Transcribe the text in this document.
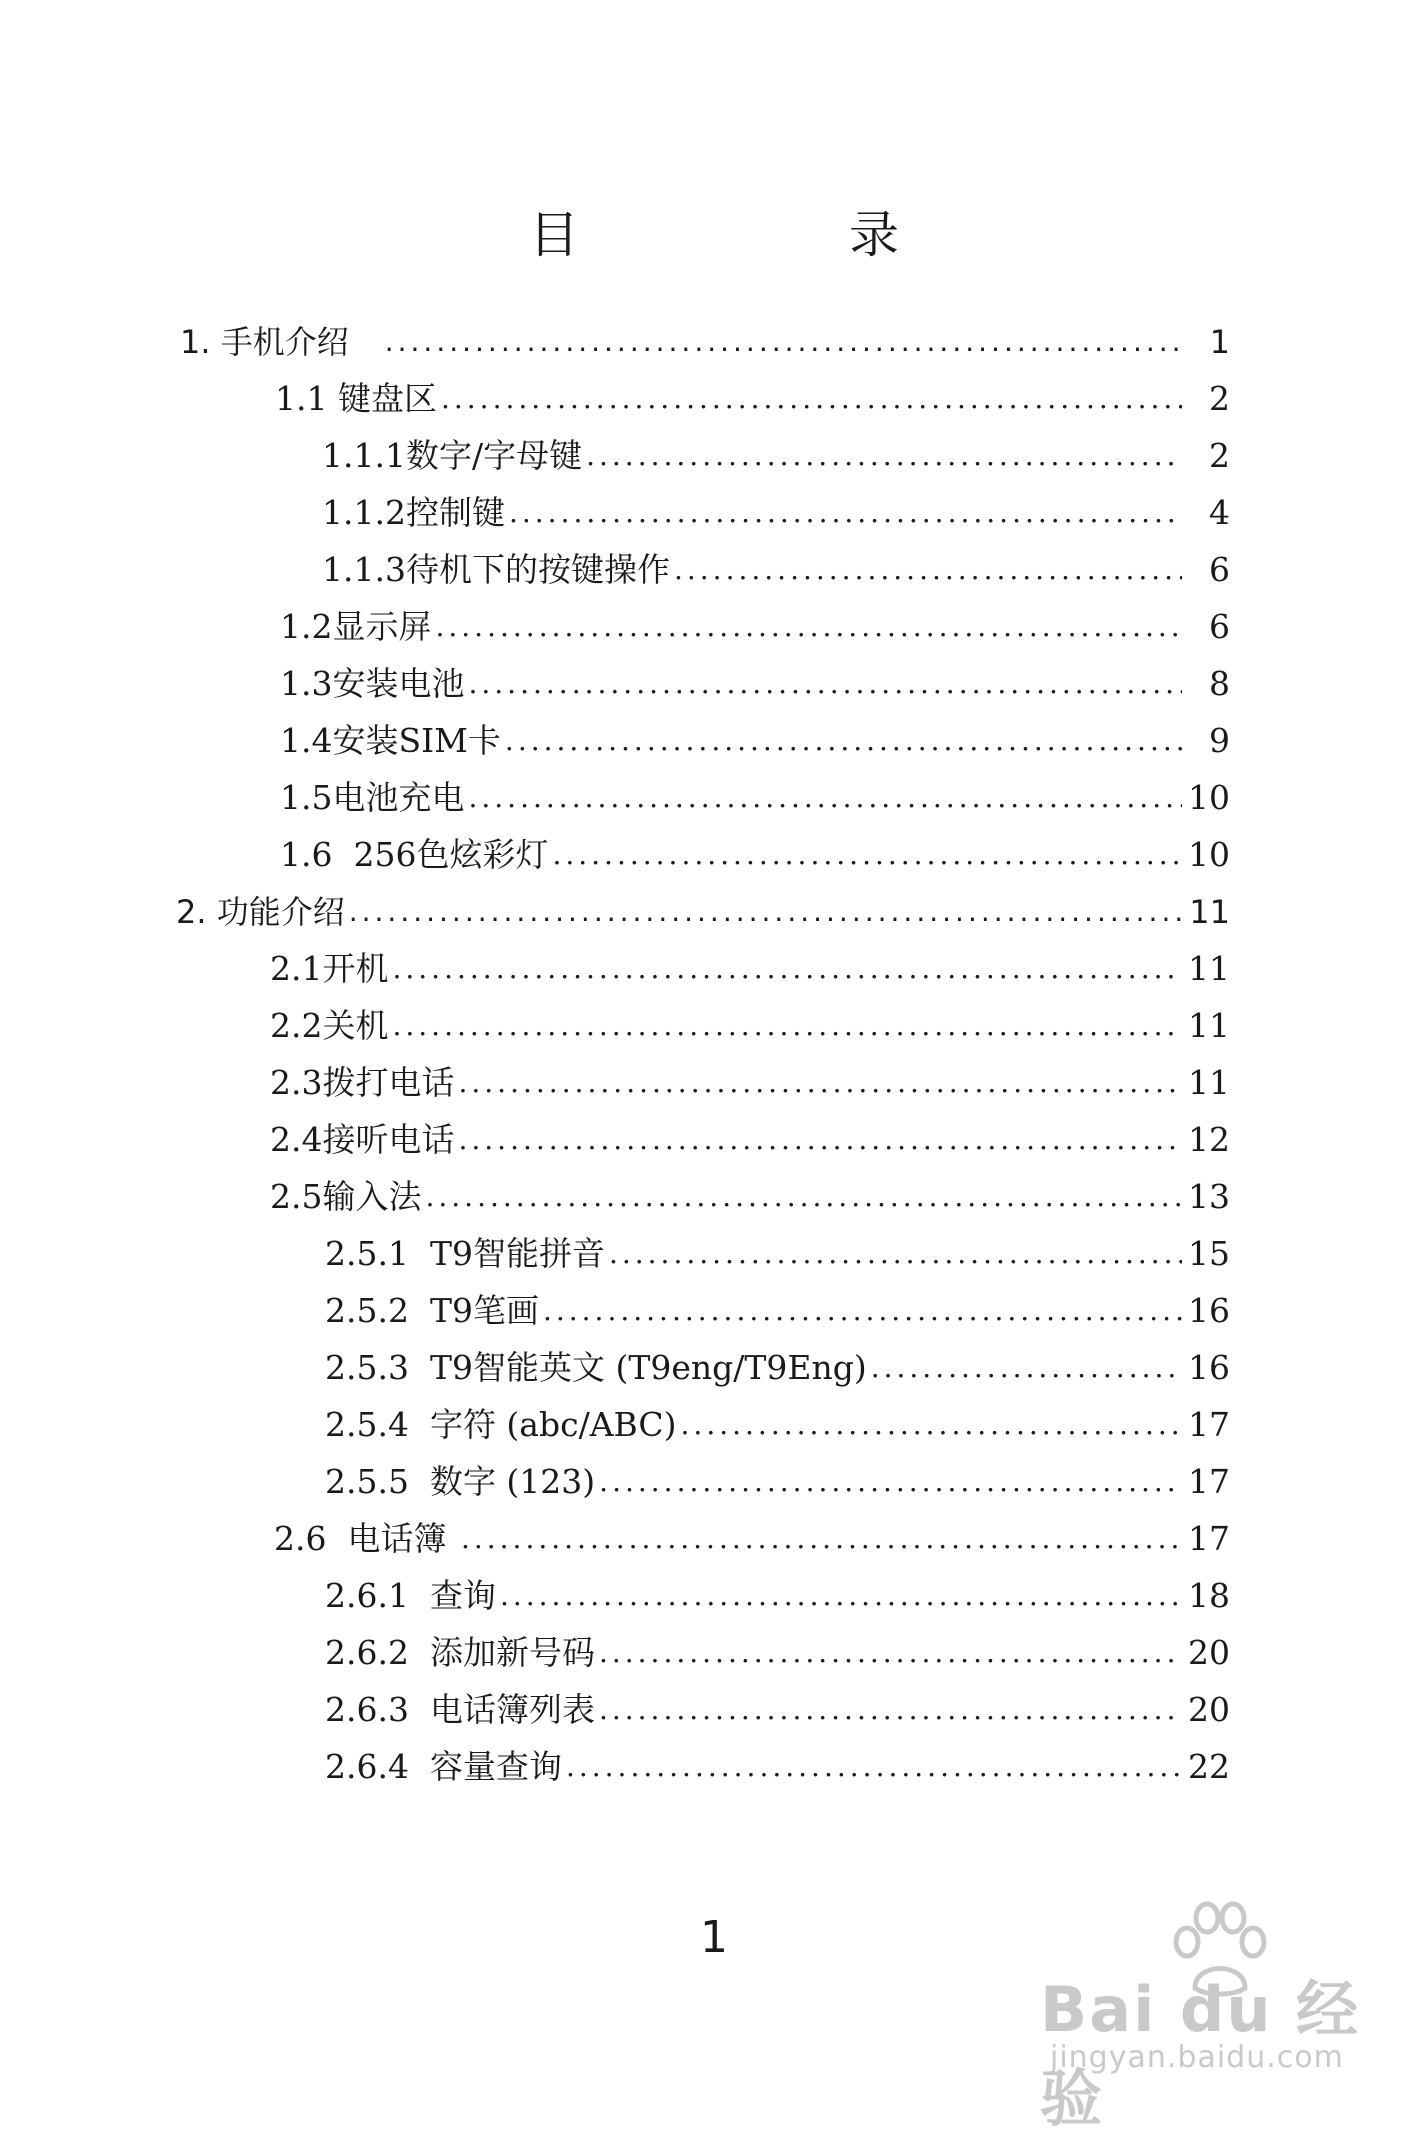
目　录
1. 手机介绍　 .....	1
1.1 键盘区 .....	2
1.1.1数字/字母键 .....	2
1.1.2控制键 .....	4
1.1.3待机下的按键操作 .....	6
1.2显示屏 .....	6
1.3安装电池 .....	8
1.4安装SIM卡 .....	9
1.5电池充电 .....	10
1.6  256色炫彩灯 .....	10
2. 功能介绍 .....	11
2.1开机 .....	11
2.2关机 .....	11
2.3拨打电话 .....	11
2.4接听电话 .....	12
2.5输入法 .....	13
2.5.1  T9智能拼音 .....	15
2.5.2  T9笔画 .....	16
2.5.3  T9智能英文 (T9eng/T9Eng) .....	16
2.5.4  字符 (abc/ABC) .....	17
2.5.5  数字 (123) .....	17
2.6  电话簿 .....	17
2.6.1  查询 .....	18
2.6.2  添加新号码 .....	20
2.6.3  电话簿列表 .....	20
2.6.4  容量查询 .....	22
1
Bai du 经验
jingyan.baidu.com
